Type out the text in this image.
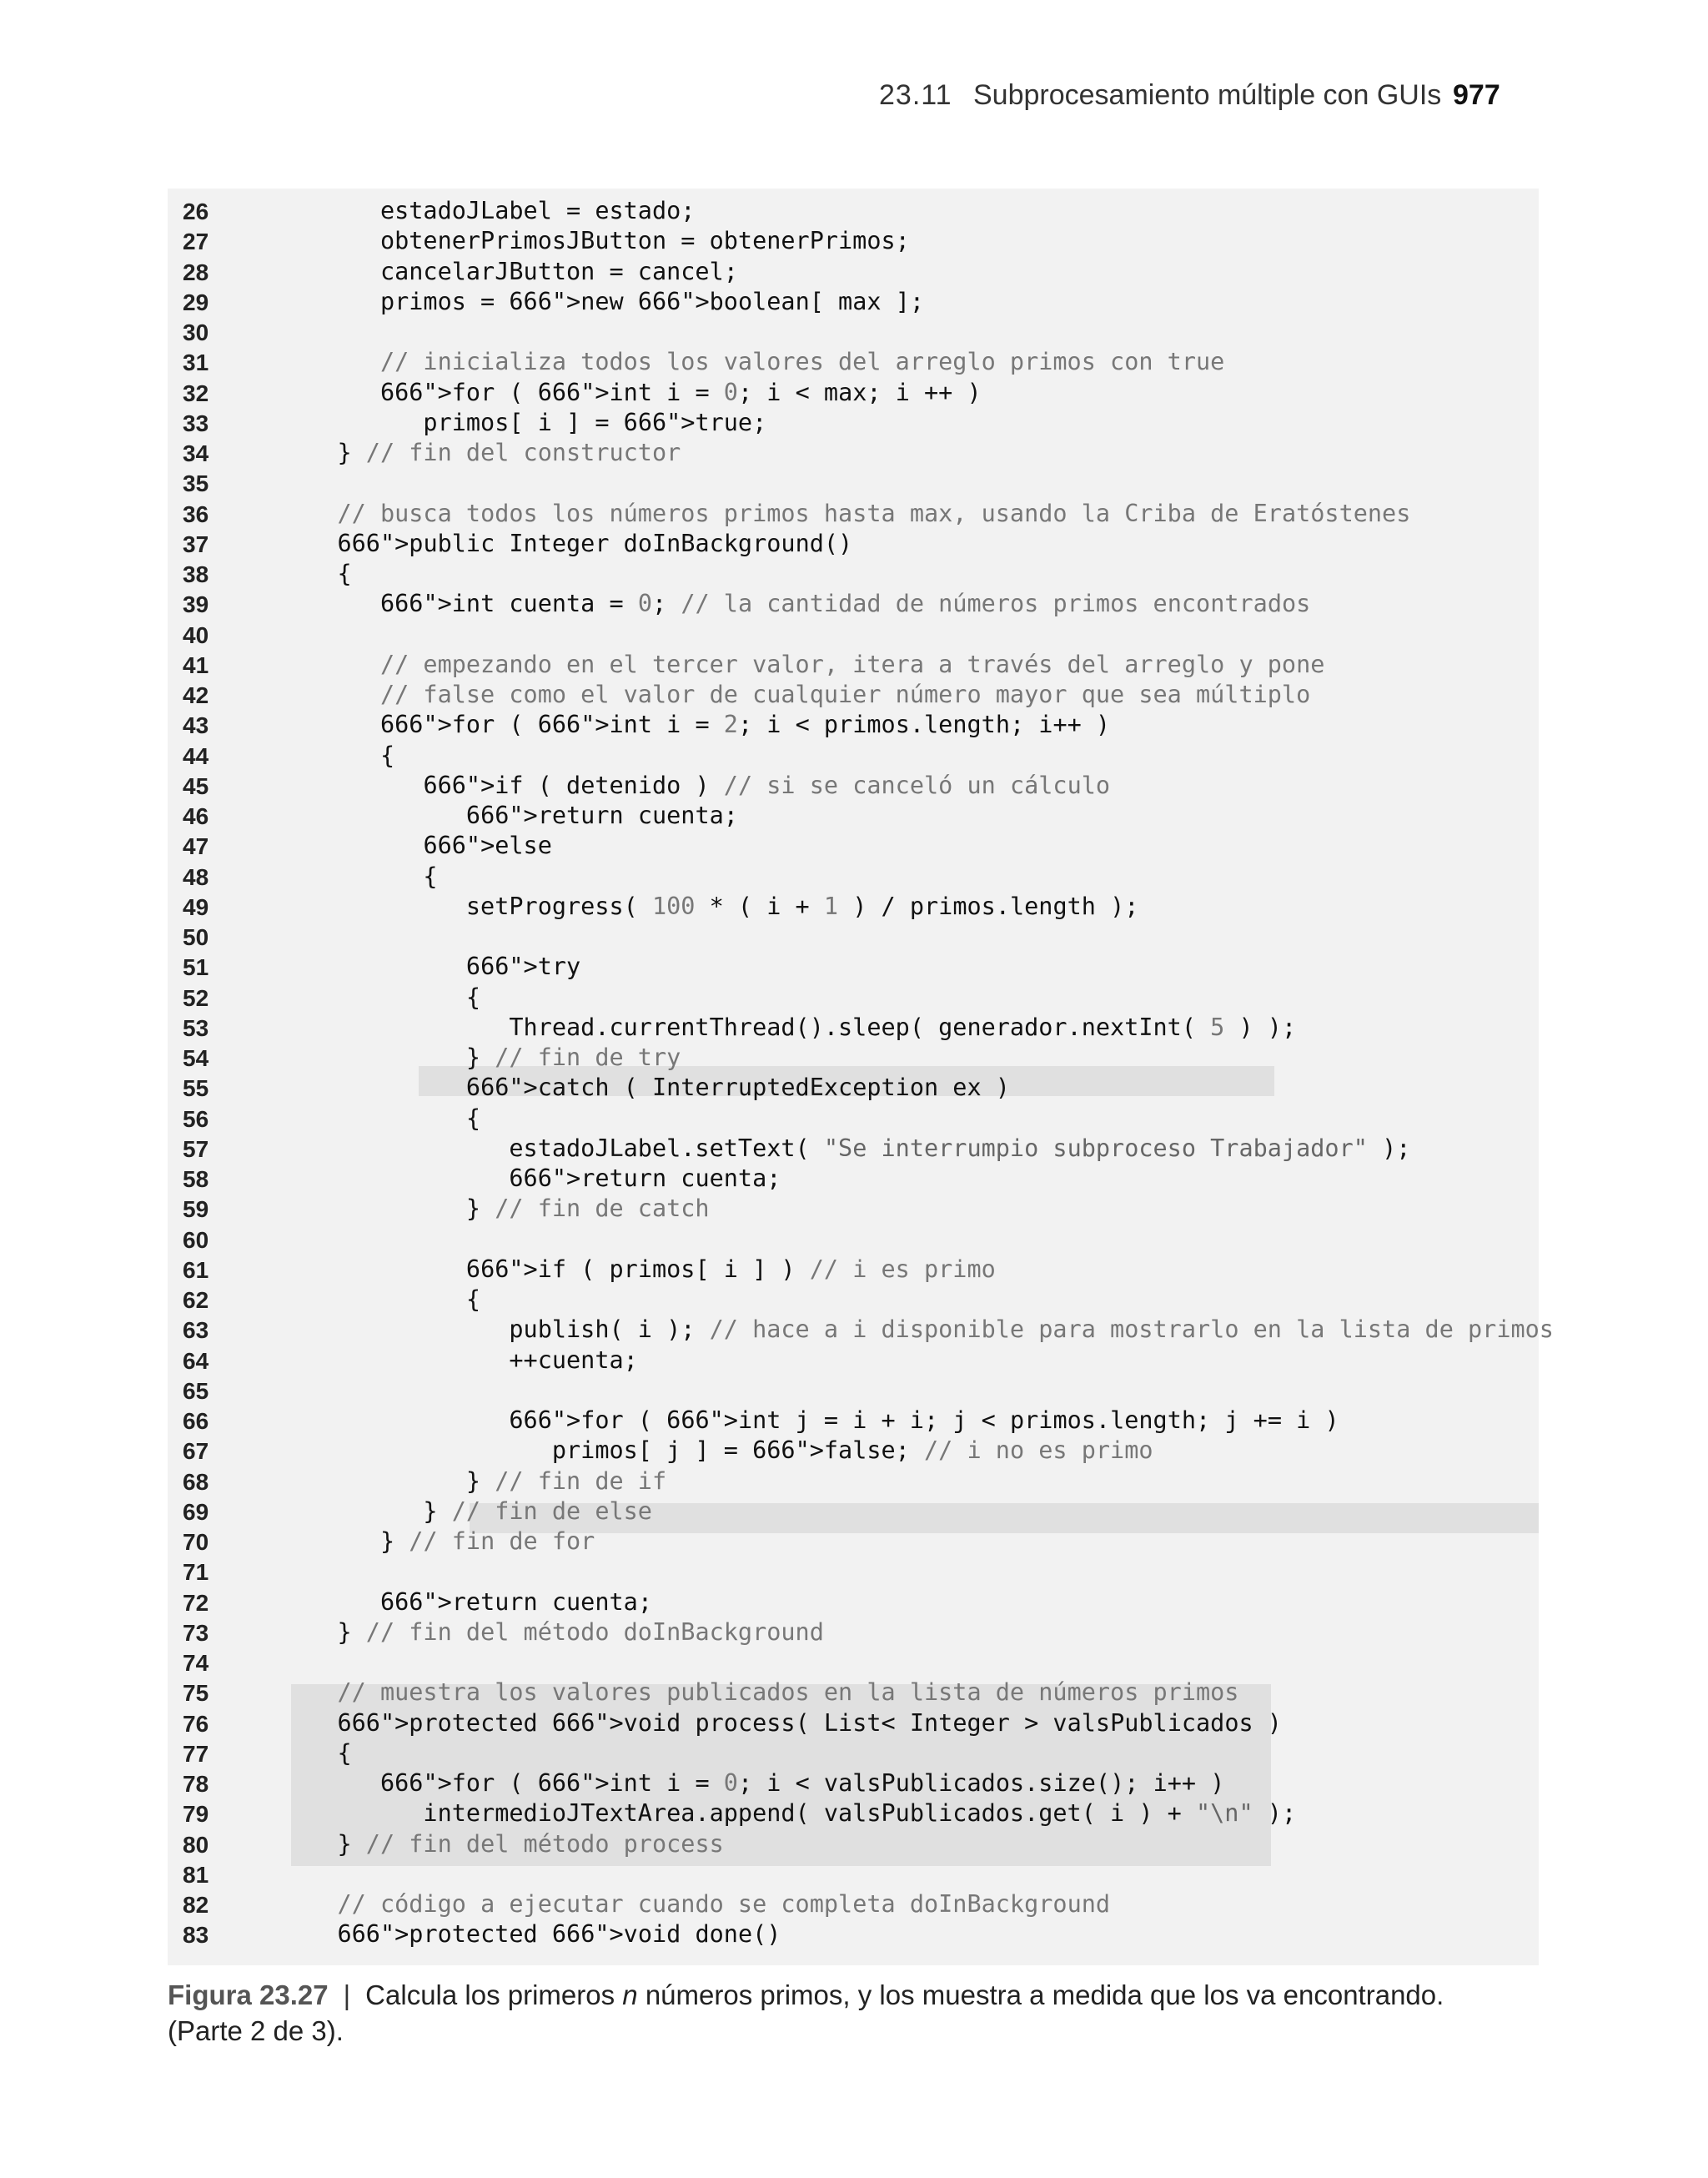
23.11 Subprocesamiento múltiple con GUIs 977
26	estadoJLabel = estado;
27	obtenerPrimosJButton = obtenerPrimos;
28	cancelarJButton = cancel;
29	primos = 666">new 666">boolean[ max ];
30
31	// inicializa todos los valores del arreglo primos con true
32	666">for ( 666">int i = 0; i < max; i ++ )
33	primos[ i ] = 666">true;
34	} // fin del constructor
35
36	// busca todos los números primos hasta max, usando la Criba de Eratóstenes
37	666">public Integer doInBackground()
38	{
39	666">int cuenta = 0; // la cantidad de números primos encontrados
40
41	// empezando en el tercer valor, itera a través del arreglo y pone
42	// false como el valor de cualquier número mayor que sea múltiplo
43	666">for ( 666">int i = 2; i < primos.length; i++ )
44	{
45	666">if ( detenido ) // si se canceló un cálculo
46	666">return cuenta;
47	666">else
48	{
49	setProgress( 100 * ( i + 1 ) / primos.length );
50
51	666">try
52	{
53	Thread.currentThread().sleep( generador.nextInt( 5 ) );
54	} // fin de try
55	666">catch ( InterruptedException ex )
56	{
57	estadoJLabel.setText( "Se interrumpio subproceso Trabajador" );
58	666">return cuenta;
59	} // fin de catch
60
61	666">if ( primos[ i ] ) // i es primo
62	{
63	publish( i ); // hace a i disponible para mostrarlo en la lista de primos
64	++cuenta;
65
66	666">for ( 666">int j = i + i; j < primos.length; j += i )
67	primos[ j ] = 666">false; // i no es primo
68	} // fin de if
69	} // fin de else
70	} // fin de for
71
72	666">return cuenta;
73	} // fin del método doInBackground
74
75	// muestra los valores publicados en la lista de números primos
76	666">protected 666">void process( List< Integer > valsPublicados )
77	{
78	666">for ( 666">int i = 0; i < valsPublicados.size(); i++ )
79	intermedioJTextArea.append( valsPublicados.get( i ) + "\n" );
80	} // fin del método process
81
82	// código a ejecutar cuando se completa doInBackground
83	666">protected 666">void done()
Figura 23.27 | Calcula los primeros n números primos, y los muestra a medida que los va encontrando.
(Parte 2 de 3).
